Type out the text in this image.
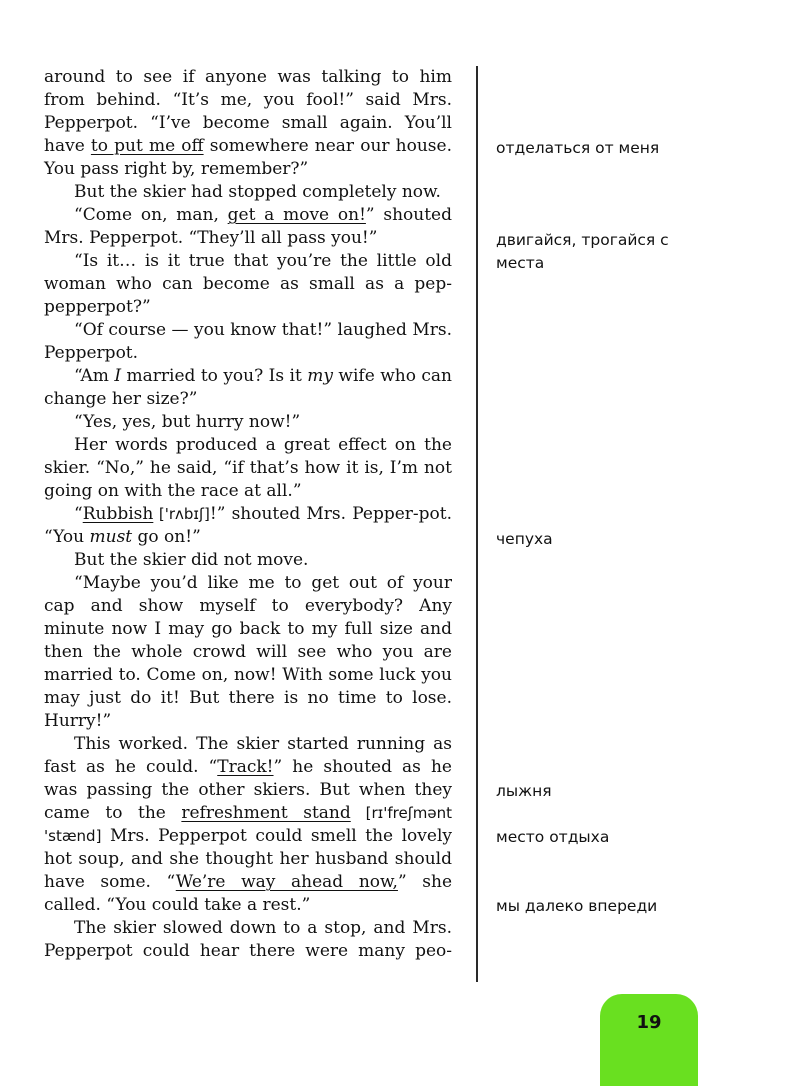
around to see if anyone was talking to him from behind. “It’s me, you fool!” said Mrs. Pepperpot. “I’ve become small again. You’ll have to put me off somewhere near our house. You pass right by, remember?”

But the skier had stopped completely now.

“Come on, man, get a move on!” shouted Mrs. Pepperpot. “They’ll all pass you!”

“Is it… is it true that you’re the little old woman who can become as small as a pep-pepperpot?”

“Of course — you know that!” laughed Mrs. Pepperpot.

“Am I married to you? Is it my wife who can change her size?”

“Yes, yes, but hurry now!”

Her words produced a great effect on the skier. “No,” he said, “if that’s how it is, I’m not going on with the race at all.”

“Rubbish ['rʌbɪʃ]!” shouted Mrs. Pepper-pot. “You must go on!”

But the skier did not move.

“Maybe you’d like me to get out of your cap and show myself to everybody? Any minute now I may go back to my full size and then the whole crowd will see who you are married to. Come on, now! With some luck you may just do it! But there is no time to lose. Hurry!”

This worked. The skier started running as fast as he could. “Track!” he shouted as he was passing the other skiers. But when they came to the refreshment stand [rɪ'freʃmənt 'stænd] Mrs. Pepperpot could smell the lovely hot soup, and she thought her husband should have some. “We’re way ahead now,” she called. “You could take a rest.”

The skier slowed down to a stop, and Mrs. Pepperpot could hear there were many peo-

отделаться от меня
двигайся, трогайся с места
чепуха
лыжня
место отдыха
мы далеко впереди
19
